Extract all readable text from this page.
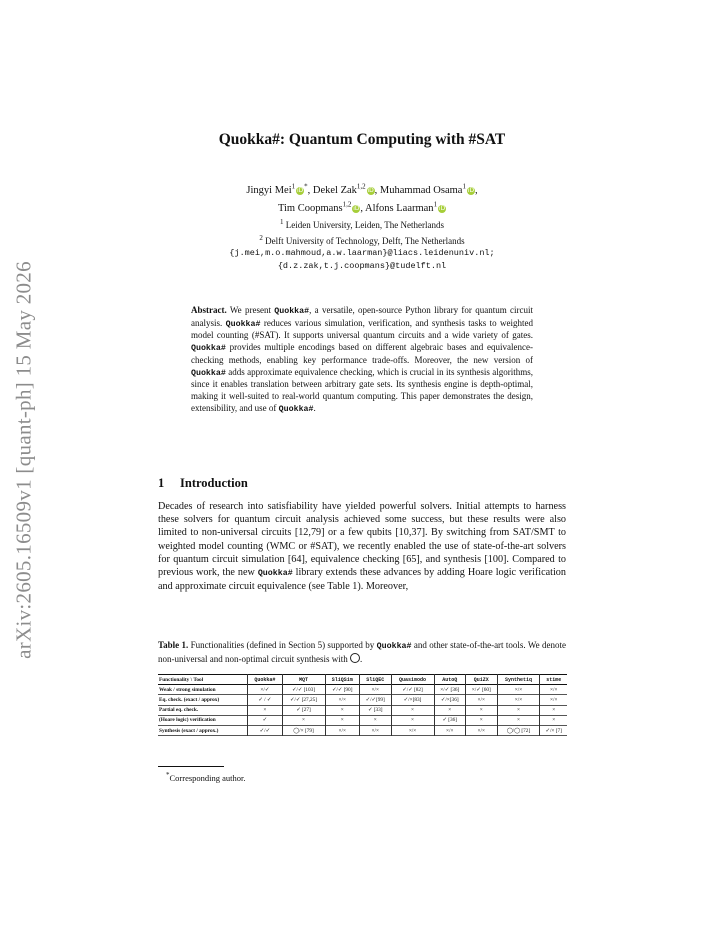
arXiv:2605.16509v1 [quant-ph] 15 May 2026
Quokka#: Quantum Computing with #SAT
Jingyi Mei$^1$ iD*, Dekel Zak$^{1,2}$ iD, Muhammad Osama$^1$ iD,
Tim Coopmans$^{1,2}$ iD, Alfons Laarman$^1$ iD
$^1$ Leiden University, Leiden, The Netherlands
$^2$ Delft University of Technology, Delft, The Netherlands
{j.mei,m.o.mahmoud,a.w.laarman}@liacs.leidenuniv.nl;
{d.z.zak,t.j.coopmans}@tudelft.nl
Abstract. We present Quokka#, a versatile, open-source Python library for quantum circuit analysis. Quokka# reduces various simulation, verification, and synthesis tasks to weighted model counting (#SAT). It supports universal quantum circuits and a wide variety of gates. Quokka# provides multiple encodings based on different algebraic bases and equivalence-checking methods, enabling key performance trade-offs. Moreover, the new version of Quokka# adds approximate equivalence checking, which is crucial in its synthesis algorithms, since it enables translation between arbitrary gate sets. Its synthesis engine is depth-optimal, making it well-suited to real-world quantum computing. This paper demonstrates the design, extensibility, and use of Quokka#.
1 Introduction
Decades of research into satisfiability have yielded powerful solvers. Initial attempts to harness these solvers for quantum circuit analysis achieved some success, but these results were also limited to non-universal circuits [12,79] or a few qubits [10,37]. By switching from SAT/SMT to weighted model counting (WMC or #SAT), we recently enabled the use of state-of-the-art solvers for quantum circuit simulation [64], equivalence checking [65], and synthesis [100]. Compared to previous work, the new Quokka# library extends these advances by adding Hoare logic verification and approximate circuit equivalence (see Table 1). Moreover,
Table 1. Functionalities (defined in Section 5) supported by Quokka# and other state-of-the-art tools. We denote non-universal and non-optimal circuit synthesis with .
Functionality \ Tool	Quokka#	MQT	SliQSim	SliQEC	Quasimodo	AutoQ	QuiZX	Synthetiq	stime
Weak / strong simulation	×/✓	✓/✓ [103]	✓/✓ [90]	×/×	✓/✓ [82]	×/✓ [36]	×/✓ [60]	×/×	×/×
Eq. check. (exact / approx)	✓ / ✓	✓/✓ [27,25]	×/×	✓/✓[99]	✓/×[83]	✓/×[36]	×/×	×/×	×/×
Partial eq. check.	×	✓ [27]	×	✓ [33]	×	×	×	×	×
(Hoare logic) verification	✓	×	×	×	×	✓ [36]	×	×	×
Synthesis (exact / approx.)	✓/✓	◯/× [79]	×/×	×/×	×/×	×/×	×/×	◯/◯ [72]	✓/× [7]
*Corresponding author.
